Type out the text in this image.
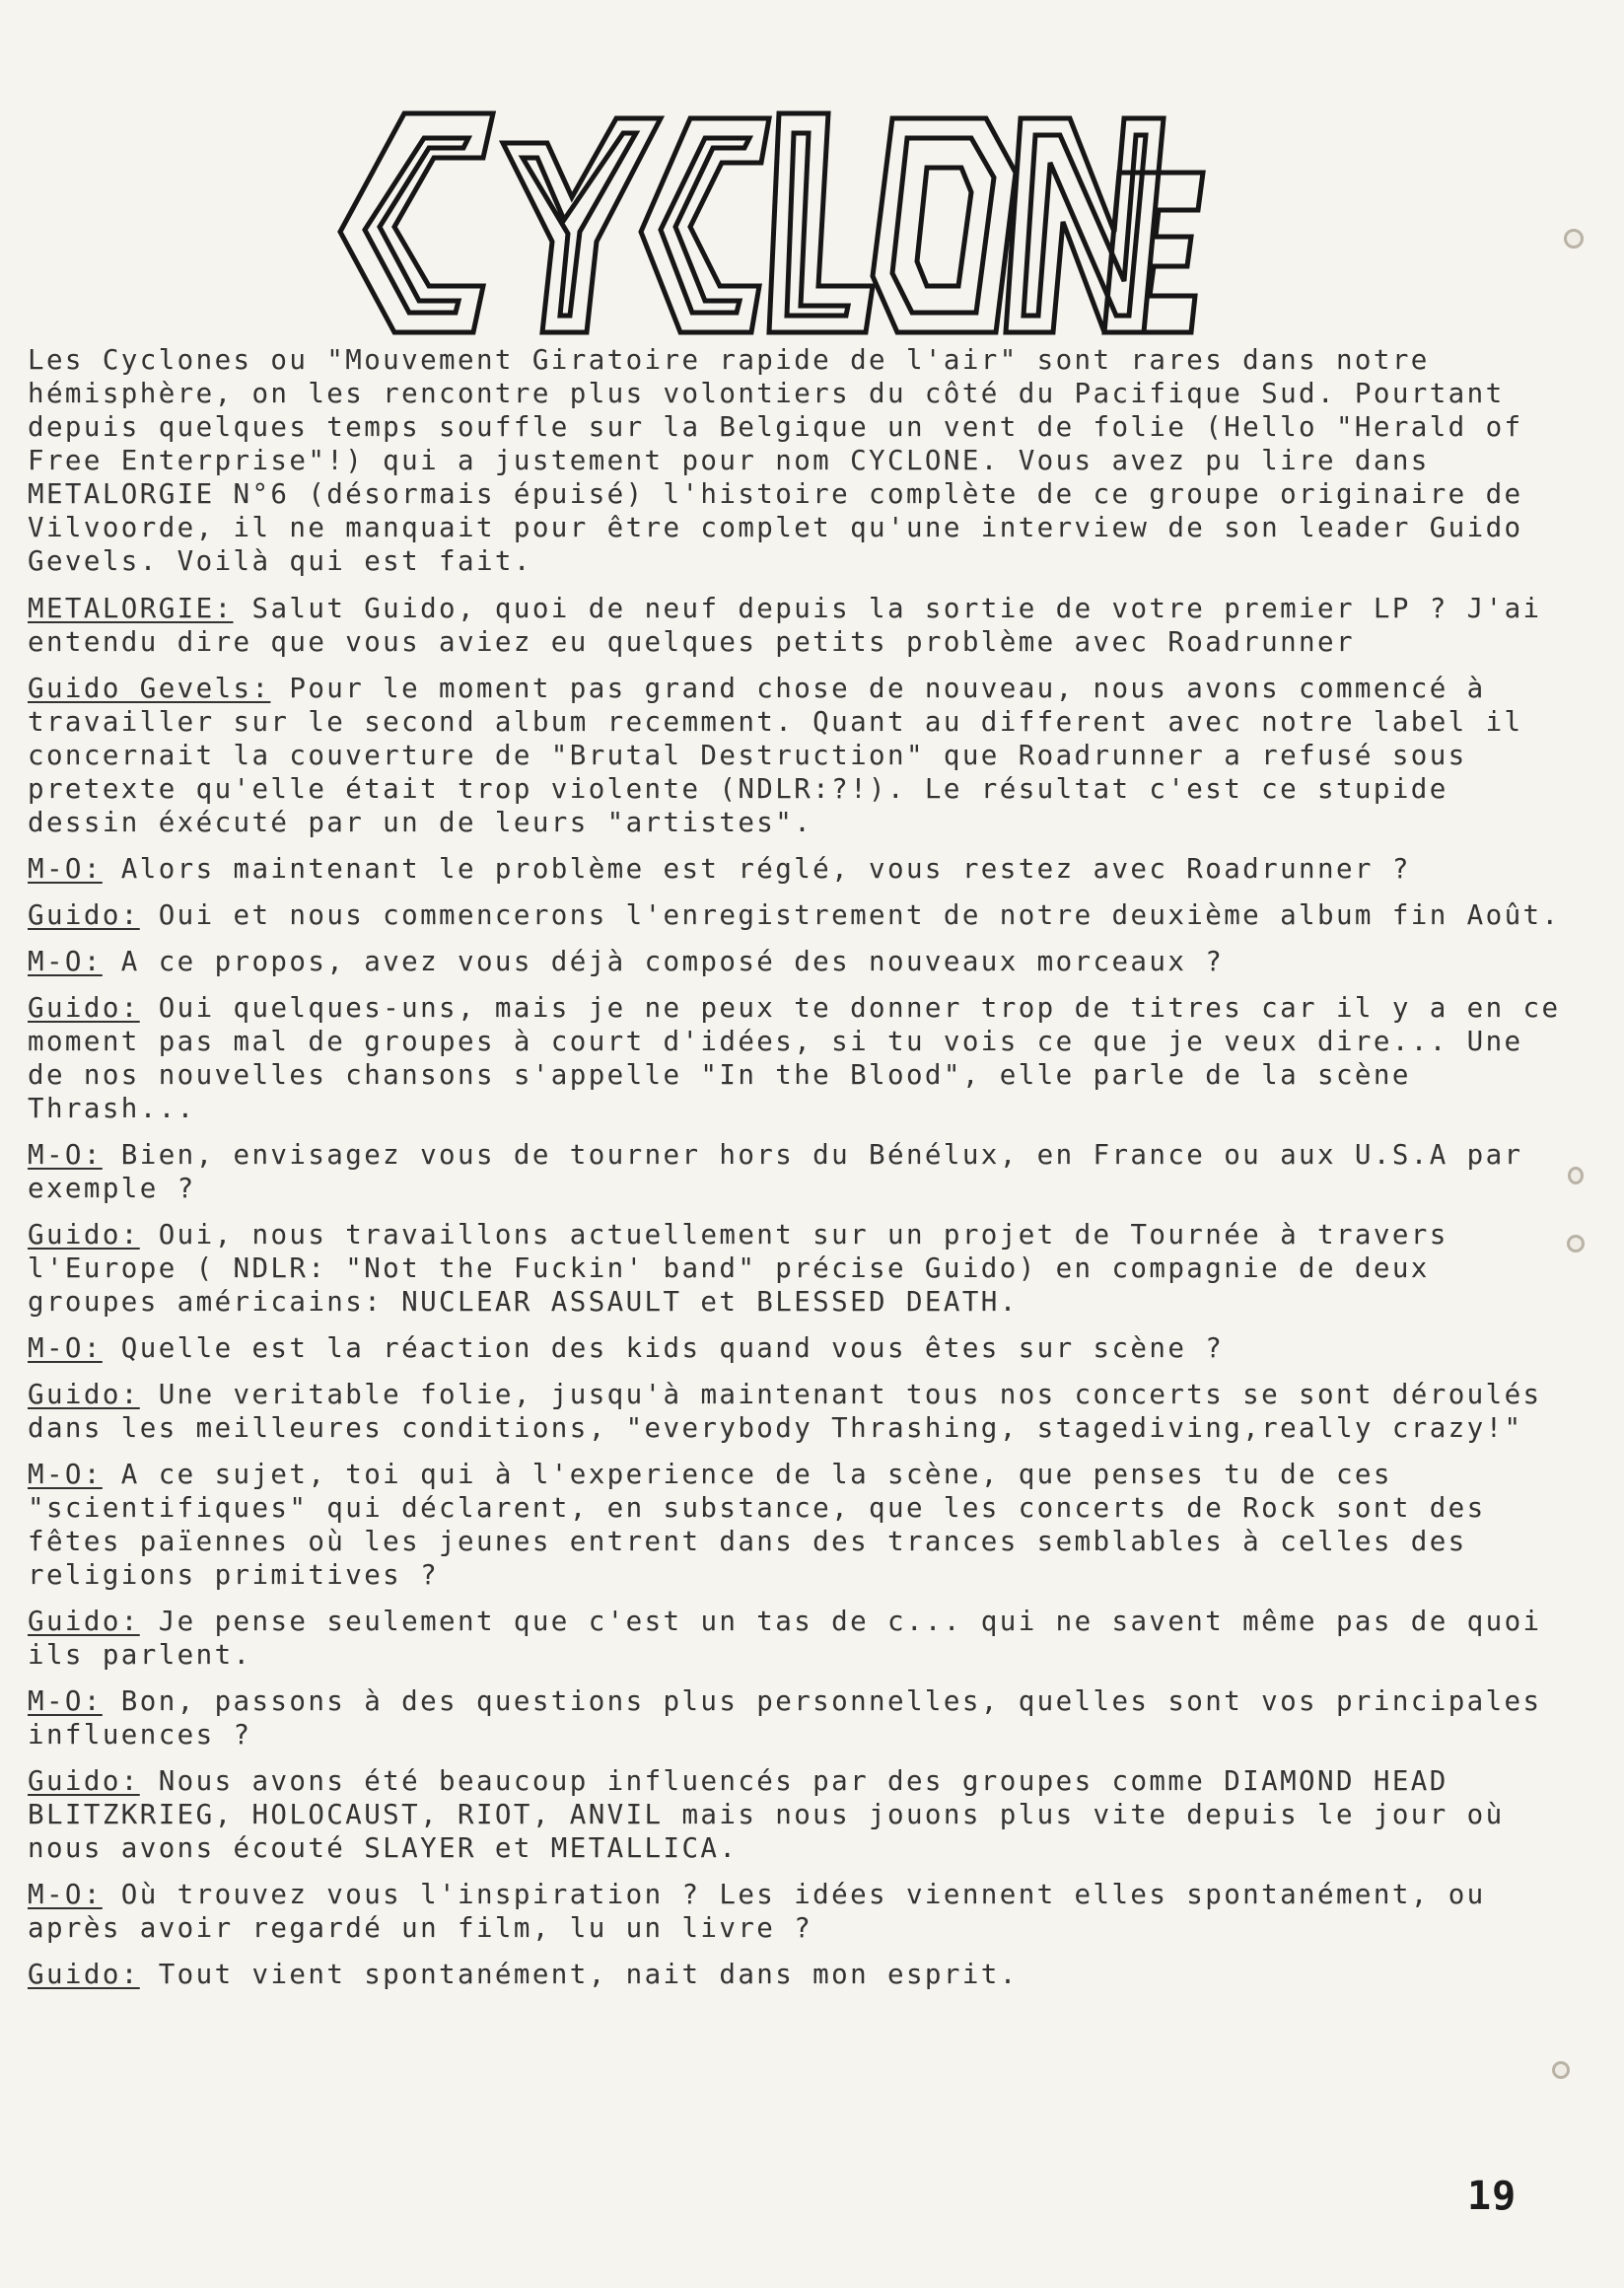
Les Cyclones ou "Mouvement Giratoire rapide de l'air" sont rares dans notre hémisphère, on les rencontre plus volontiers du côté du Pacifique Sud. Pourtant depuis quelques temps souffle sur la Belgique un vent de folie (Hello "Herald of Free Enterprise"!) qui a justement pour nom CYCLONE. Vous avez pu lire dans METALORGIE N°6 (désormais épuisé) l'histoire complète de ce groupe originaire de Vilvoorde, il ne manquait pour être complet qu'une interview de son leader Guido Gevels. Voilà qui est fait.

METALORGIE: Salut Guido, quoi de neuf depuis la sortie de votre premier LP ? J'ai entendu dire que vous aviez eu quelques petits problème avec Roadrunner

Guido Gevels: Pour le moment pas grand chose de nouveau, nous avons commencé à travailler sur le second album recemment. Quant au different avec notre label il concernait la couverture de "Brutal Destruction" que Roadrunner a refusé sous pretexte qu'elle était trop violente (NDLR:?!). Le résultat c'est ce stupide dessin éxécuté par un de leurs "artistes".

M-O: Alors maintenant le problème est réglé, vous restez avec Roadrunner ?

Guido: Oui et nous commencerons l'enregistrement de notre deuxième album fin Août.

M-O: A ce propos, avez vous déjà composé des nouveaux morceaux ?

Guido: Oui quelques-uns, mais je ne peux te donner trop de titres car il y a en ce moment pas mal de groupes à court d'idées, si tu vois ce que je veux dire... Une de nos nouvelles chansons s'appelle "In the Blood", elle parle de la scène Thrash...

M-O: Bien, envisagez vous de tourner hors du Bénélux, en France ou aux U.S.A par exemple ?

Guido: Oui, nous travaillons actuellement sur un projet de Tournée à travers l'Europe ( NDLR: "Not the Fuckin' band" précise Guido) en compagnie de deux groupes américains: NUCLEAR ASSAULT et BLESSED DEATH.

M-O: Quelle est la réaction des kids quand vous êtes sur scène ?

Guido: Une veritable folie, jusqu'à maintenant tous nos concerts se sont déroulés dans les meilleures conditions, "everybody Thrashing, stagediving,really crazy!"

M-O: A ce sujet, toi qui à l'experience de la scène, que penses tu de ces "scientifiques" qui déclarent, en substance, que les concerts de Rock sont des fêtes païennes où les jeunes entrent dans des trances semblables à celles des religions primitives ?

Guido: Je pense seulement que c'est un tas de c... qui ne savent même pas de quoi ils parlent.

M-O: Bon, passons à des questions plus personnelles, quelles sont vos principales influences ?

Guido: Nous avons été beaucoup influencés par des groupes comme DIAMOND HEAD BLITZKRIEG, HOLOCAUST, RIOT, ANVIL mais nous jouons plus vite depuis le jour où nous avons écouté SLAYER et METALLICA.

M-O: Où trouvez vous l'inspiration ? Les idées viennent elles spontanément, ou après avoir regardé un film, lu un livre ?

Guido: Tout vient spontanément, nait dans mon esprit.

19
